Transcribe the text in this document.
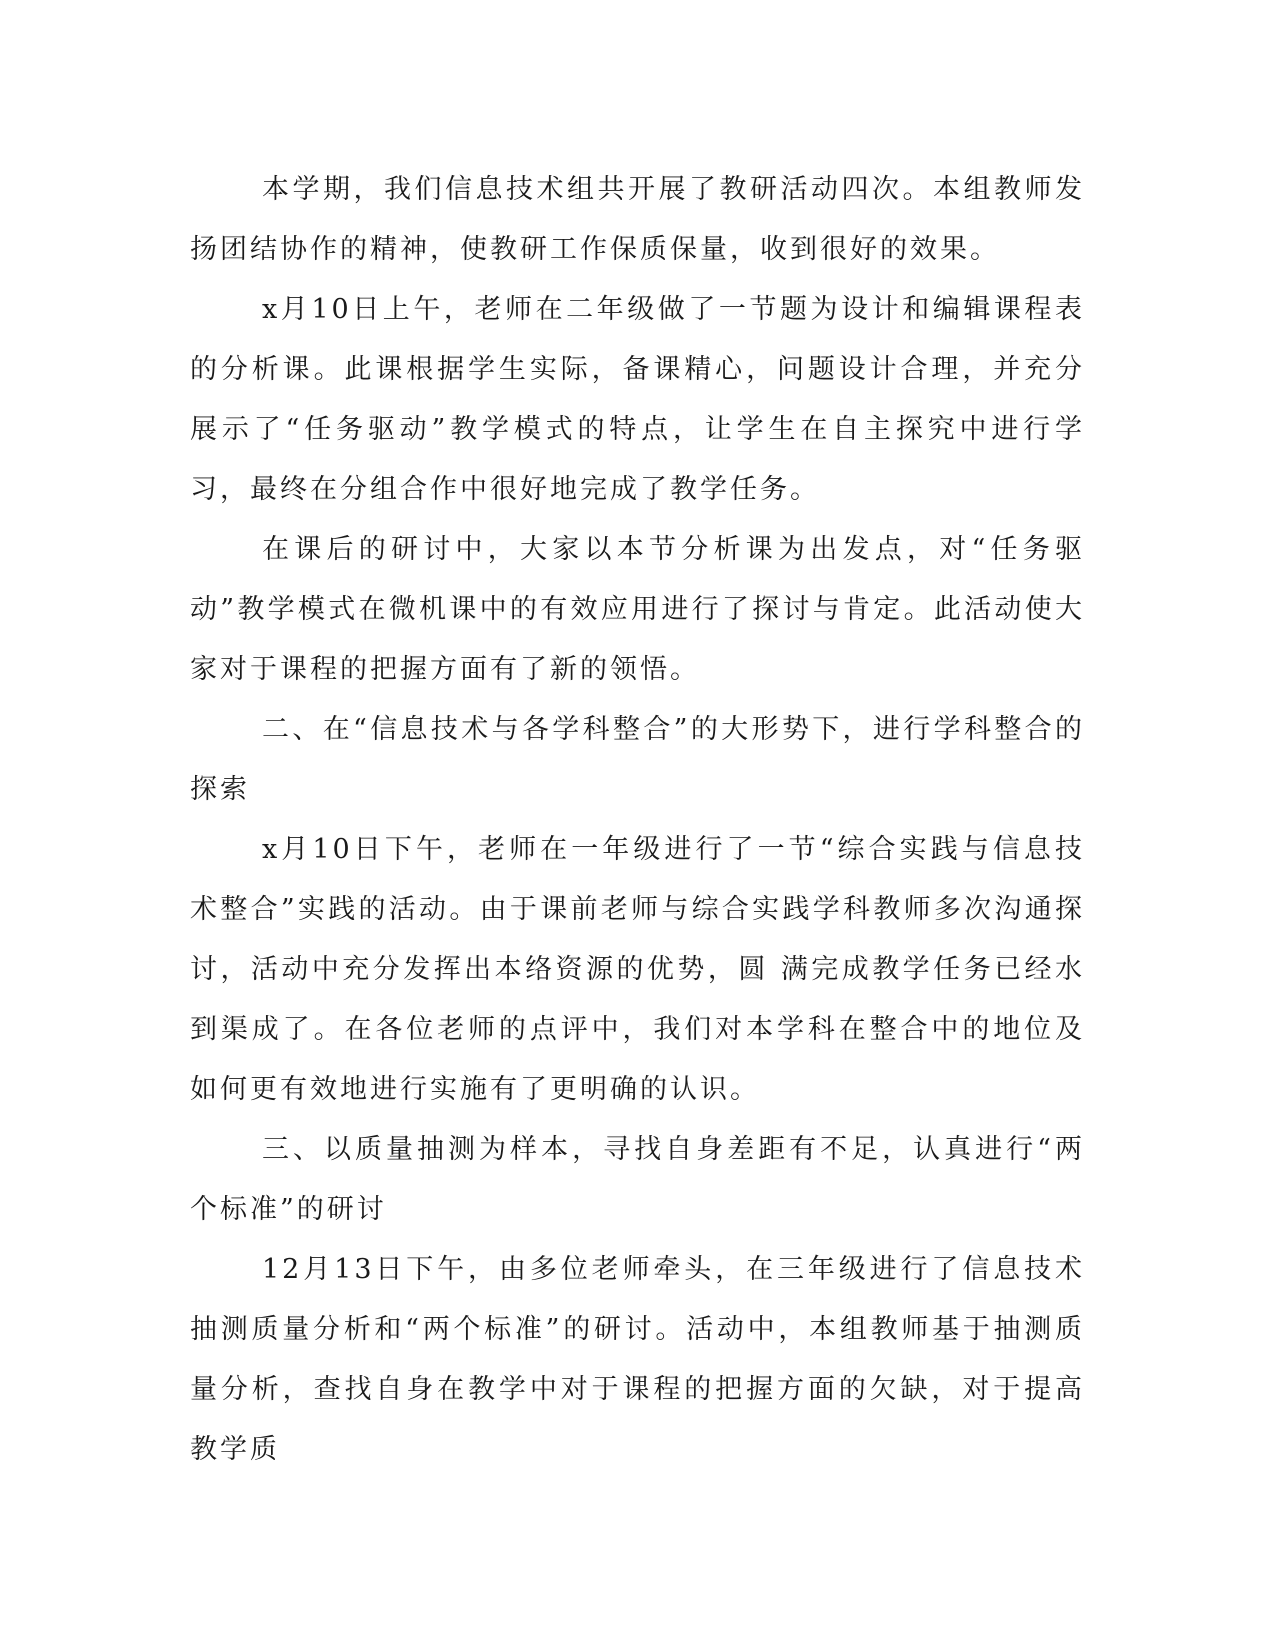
本学期，我们信息技术组共开展了教研活动四次。本组教师发扬团结协作的精神，使教研工作保质保量，收到很好的效果。

x月10日上午，老师在二年级做了一节题为设计和编辑课程表的分析课。此课根据学生实际，备课精心，问题设计合理，并充分展示了“任务驱动”教学模式的特点，让学生在自主探究中进行学习，最终在分组合作中很好地完成了教学任务。

在课后的研讨中，大家以本节分析课为出发点，对“任务驱动”教学模式在微机课中的有效应用进行了探讨与肯定。此活动使大家对于课程的把握方面有了新的领悟。

二、在“信息技术与各学科整合”的大形势下，进行学科整合的探索

x月10日下午，老师在一年级进行了一节“综合实践与信息技术整合”实践的活动。由于课前老师与综合实践学科教师多次沟通探讨，活动中充分发挥出本络资源的优势，圆 满完成教学任务已经水到渠成了。在各位老师的点评中，我们对本学科在整合中的地位及如何更有效地进行实施有了更明确的认识。

三、以质量抽测为样本，寻找自身差距有不足，认真进行“两个标准”的研讨

12月13日下午，由多位老师牵头，在三年级进行了信息技术抽测质量分析和“两个标准”的研讨。活动中，本组教师基于抽测质量分析，查找自身在教学中对于课程的把握方面的欠缺，对于提高教学质
